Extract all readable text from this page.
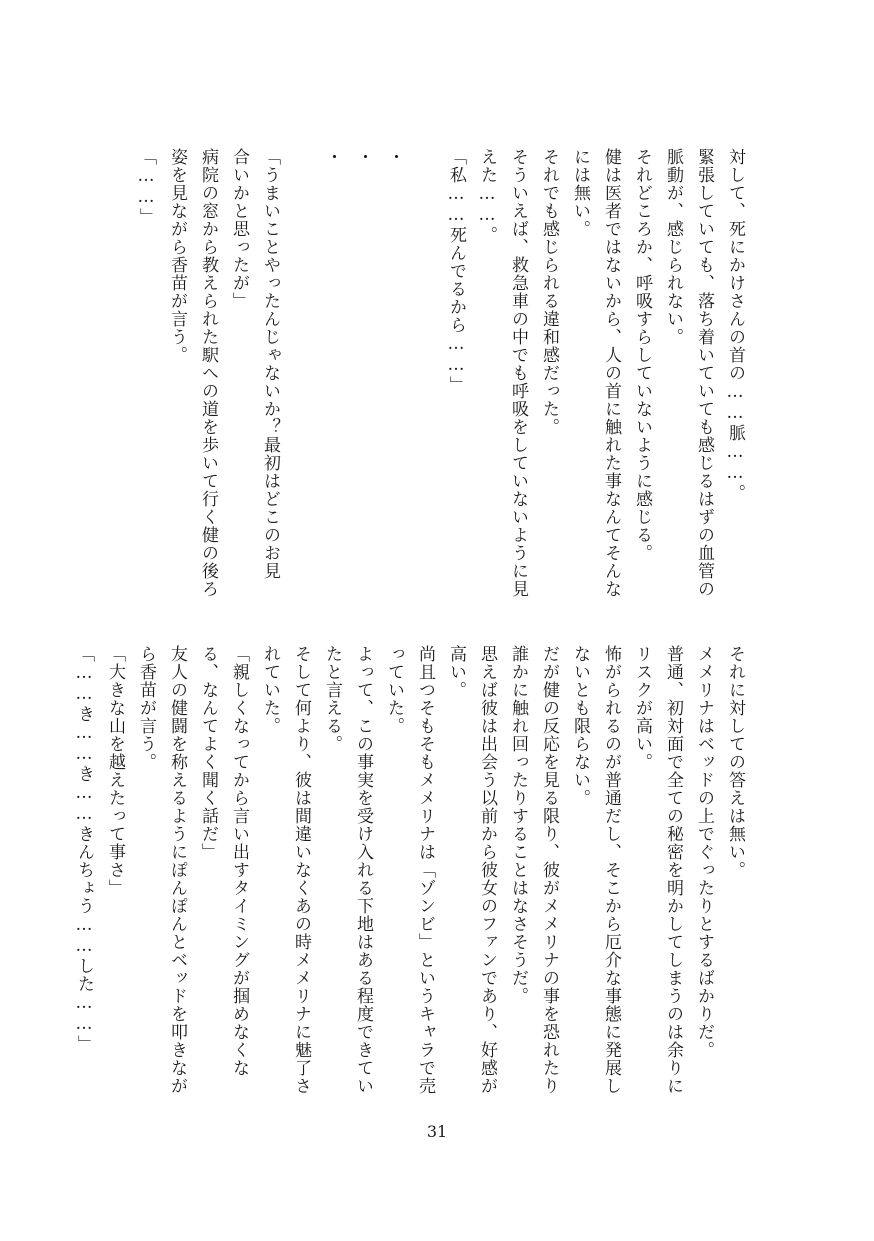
対して、死にかけさんの首の……脈……。
緊張していても、落ち着いていても感じるはずの血管の
脈動が、感じられない。
それどころか、呼吸すらしていないように感じる。
健は医者ではないから、人の首に触れた事なんてそんな
には無い。
それでも感じられる違和感だった。
そういえば、救急車の中でも呼吸をしていないように見
えた……。
「私……死んでるから……」
・
・
・
「うまいことやったんじゃないか？最初はどこのお見
合いかと思ったが」
病院の窓から教えられた駅への道を歩いて行く健の後ろ
姿を見ながら香苗が言う。
「……」
それに対しての答えは無い。
メメリナはベッドの上でぐったりとするばかりだ。
普通、初対面で全ての秘密を明かしてしまうのは余りに
リスクが高い。
怖がられるのが普通だし、そこから厄介な事態に発展し
ないとも限らない。
だが健の反応を見る限り、彼がメメリナの事を恐れたり
誰かに触れ回ったりすることはなさそうだ。
思えば彼は出会う以前から彼女のファンであり、好感が
高い。
尚且つそもそもメメリナは「ゾンビ」というキャラで売
っていた。
よって、この事実を受け入れる下地はある程度できてい
たと言える。
そして何より、彼は間違いなくあの時メメリナに魅了さ
れていた。
「親しくなってから言い出すタイミングが掴めなくな
る、なんてよく聞く話だ」
友人の健闘を称えるようにぽんぽんとベッドを叩きなが
ら香苗が言う。
「大きな山を越えたって事さ」
「……き……き……きんちょう……した……」
31
